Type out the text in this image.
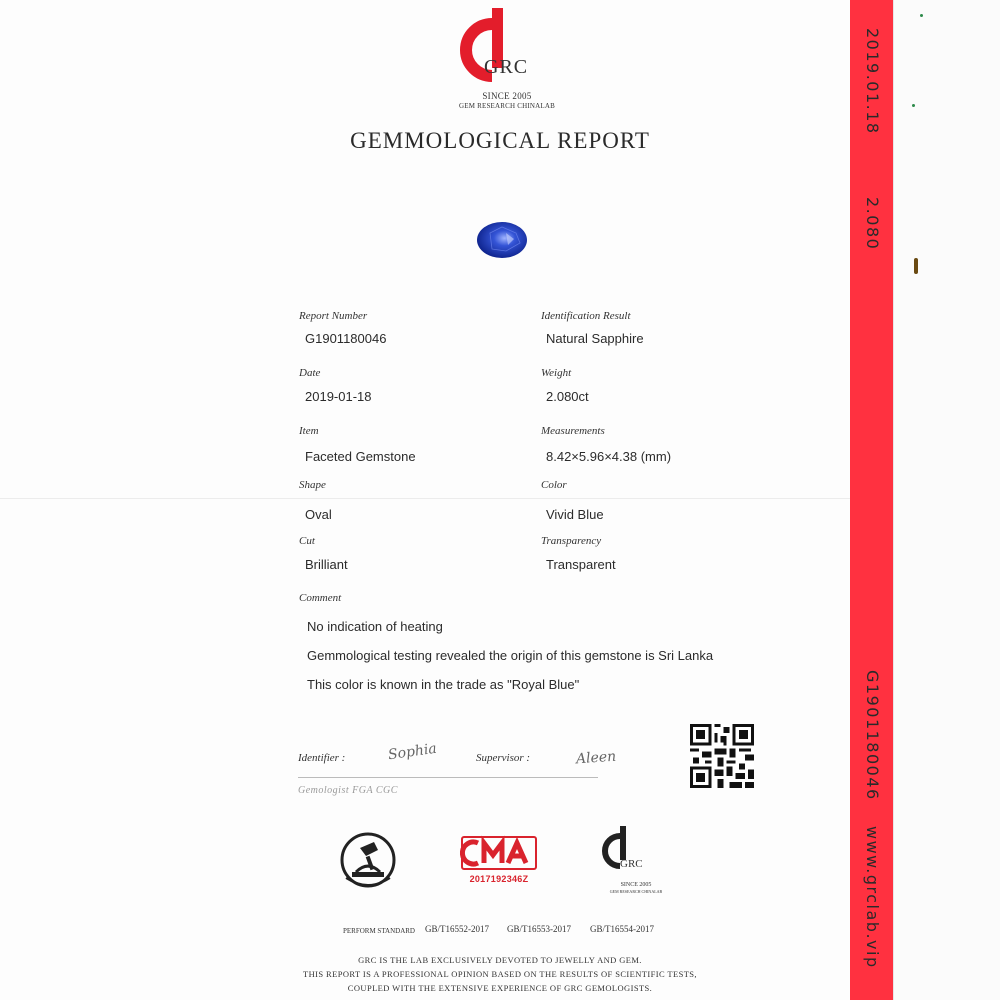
GRC
SINCE 2005
GEM RESEARCH CHINALAB
GEMMOLOGICAL REPORT
Report Number
G1901180046
Date
2019-01-18
Item
Faceted Gemstone
Shape
Oval
Cut
Brilliant
Identification Result
Natural Sapphire
Weight
2.080ct
Measurements
8.42×5.96×4.38 (mm)
Color
Vivid Blue
Transparency
Transparent
Comment
No indication of heating
Gemmological testing revealed the origin of this gemstone is Sri Lanka
This color is known in the trade as "Royal Blue"
Identifier :	Sophia	Supervisor :	Aleen
Gemologist FGA CGC
2017192346Z
GRC
SINCE 2005
GEM RESEARCH CHINALAB
PERFORM STANDARD GB/T16552-2017 GB/T16553-2017 GB/T16554-2017
GRC IS THE LAB EXCLUSIVELY DEVOTED TO JEWELLY AND GEM.
THIS REPORT IS A PROFESSIONAL OPINION BASED ON THE RESULTS OF SCIENTIFIC TESTS,
COUPLED WITH THE EXTENSIVE EXPERIENCE OF GRC GEMOLOGISTS.
2019.01.18
2.080
G1901180046
www.grclab.vip
